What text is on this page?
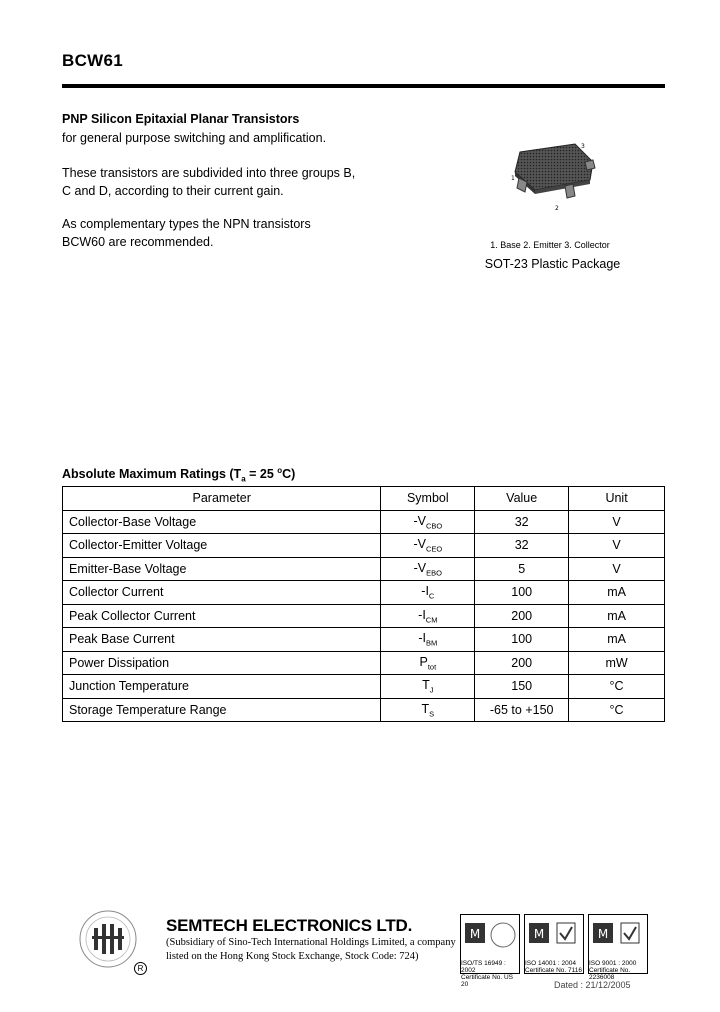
BCW61
PNP Silicon Epitaxial Planar Transistors
for general purpose switching and amplification.
These transistors are subdivided into three groups B,
C and D, according to their current gain.
As complementary types the NPN transistors
BCW60 are recommended.
3
1
2
1. Base 2. Emitter 3. Collector
SOT-23 Plastic Package
Absolute Maximum Ratings ($T_a = 25$ $^o$C)
Parameter	Symbol	Value	Unit
Collector-Base Voltage	$-V_{CBO}$	32	V
Collector-Emitter Voltage	$-V_{CEO}$	32	V
Emitter-Base Voltage	$-V_{EBO}$	5	V
Collector Current	$-I_C$	100	mA
Peak Collector Current	$-I_{CM}$	200	mA
Peak Base Current	$-I_{BM}$	100	mA
Power Dissipation	$P_{tot}$	200	mW
Junction Temperature	$T_J$	150	°C
Storage Temperature Range	$T_S$	-65 to +150	°C
R
SEMTECH ELECTRONICS LTD.
(Subsidiary of Sino-Tech International Holdings Limited, a company
listed on the Hong Kong Stock Exchange, Stock Code: 724)
M
ISO/TS 16949 : 2002
Certificate No. US 20
M
ISO 14001 : 2004
Certificate No. 7116
M
ISO 9001 : 2000
Certificate No. 2236008
Dated : 21/12/2005
